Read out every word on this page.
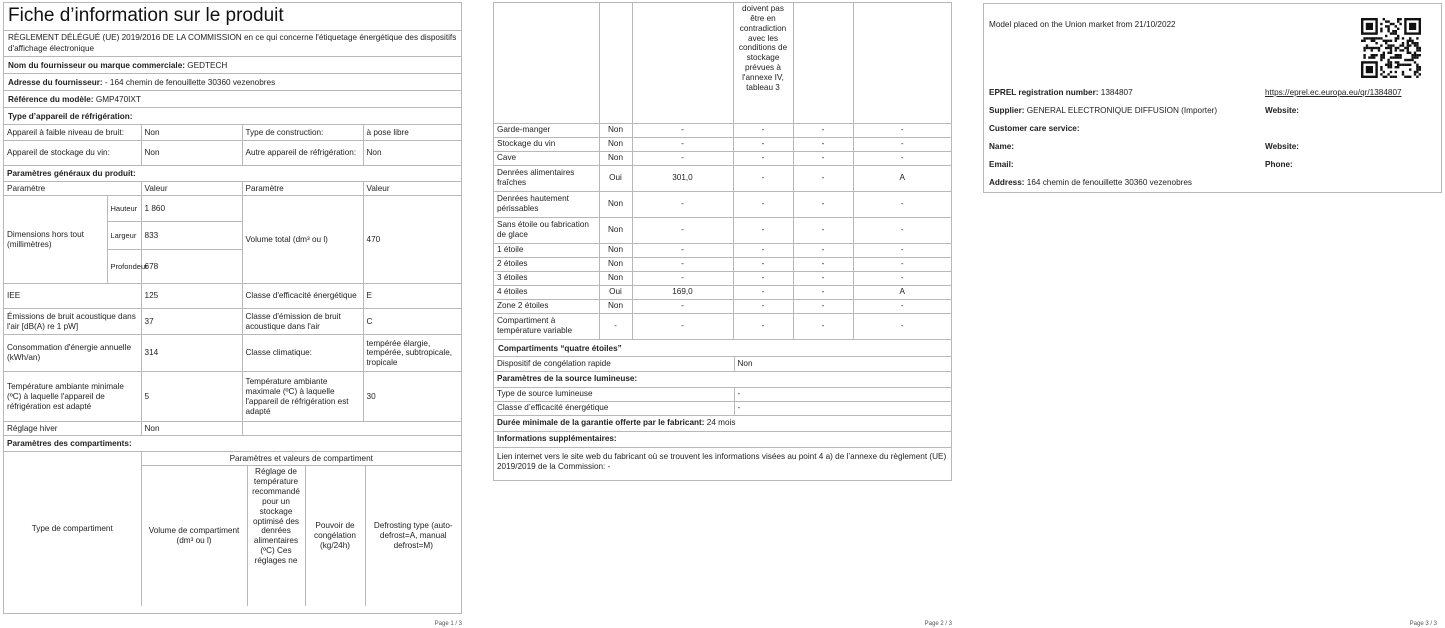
Fiche d’information sur le produit
RÈGLEMENT DÉLÉGUÉ (UE) 2019/2016 DE LA COMMISSION en ce qui concerne l'étiquetage énergétique des dispositifs d'affichage électronique
Nom du fournisseur ou marque commerciale: GEDTECH
Adresse du fournisseur: - 164 chemin de fenouillette 30360 vezenobres
Référence du modèle: GMP470IXT
Type d’appareil de réfrigération:
Appareil à faible niveau de bruit:	Non	Type de construction:	à pose libre
Appareil de stockage du vin:	Non	Autre appareil de réfrigération:	Non
Paramètres généraux du produit:			
Paramètre		Valeur	Paramètre	Valeur
Dimensions hors tout (millimètres)	Hauteur	1 860	Volume total (dm³ ou l)	470
	Largeur	833		
	Profondeur	678		
IEE		125	Classe d'efficacité énergétique	E
Émissions de bruit acoustique dans l'air [dB(A) re 1 pW]		37	Classe d'émission de bruit acoustique dans l'air	C
Consommation d'énergie annuelle (kWh/an)		314	Classe climatique:	tempérée élargie, tempérée, subtropicale, tropicale
Température ambiante minimale (ºC) à laquelle l'appareil de réfrigération est adapté		5	Température ambiante maximale (ºC) à laquelle l'appareil de réfrigération est adapté	30
Réglage hiver		Non		
Paramètres des compartiments:				
Type de compartiment	Paramètres et valeurs de compartiment			
	Volume de compartiment (dm³ ou l)	Réglage de température recommandé pour un stockage optimisé des denrées alimentaires (ºC) Ces réglages ne	Pouvoir de congélation (kg/24h)	Defrosting type (auto-defrost=A, manual defrost=M)
Page 1 / 3
			doivent pas être en contradiction avec les conditions de stockage prévues à l'annexe IV, tableau 3		
Garde-manger	Non	-	-	-	-
Stockage du vin	Non	-	-	-	-
Cave	Non	-	-	-	-
Denrées alimentaires fraîches	Oui	301,0	-	-	A
Denrées hautement périssables	Non	-	-	-	-
Sans étoile ou fabrication de glace	Non	-	-	-	-
1 étoile	Non	-	-	-	-
2 étoiles	Non	-	-	-	-
3 étoiles	Non	-	-	-	-
4 étoiles	Oui	169,0	-	-	A
Zone 2 étoiles	Non	-	-	-	-
Compartiment à température variable	-	-	-	-	-
Compartiments “quatre étoiles”
Dispositif de congélation rapide	Non
Paramètres de la source lumineuse:	
Type de source lumineuse	-
Classe d’efficacité énergétique	-
Durée minimale de la garantie offerte par le fabricant: 24 mois	
Informations supplémentaires:	
Lien internet vers le site web du fabricant où se trouvent les informations visées au point 4 a) de l’annexe du règlement (UE) 2019/2019 de la Commission: -	
Page 2 / 3
Model placed on the Union market from 21/10/2022
EPREL registration number: 1384807	https://eprel.ec.europa.eu/qr/1384807
Supplier: GENERAL ELECTRONIQUE DIFFUSION (Importer)	Website:
Customer care service:
Name:	Website:
Email:	Phone:
Address: 164 chemin de fenouillette 30360 vezenobres
Page 3 / 3
